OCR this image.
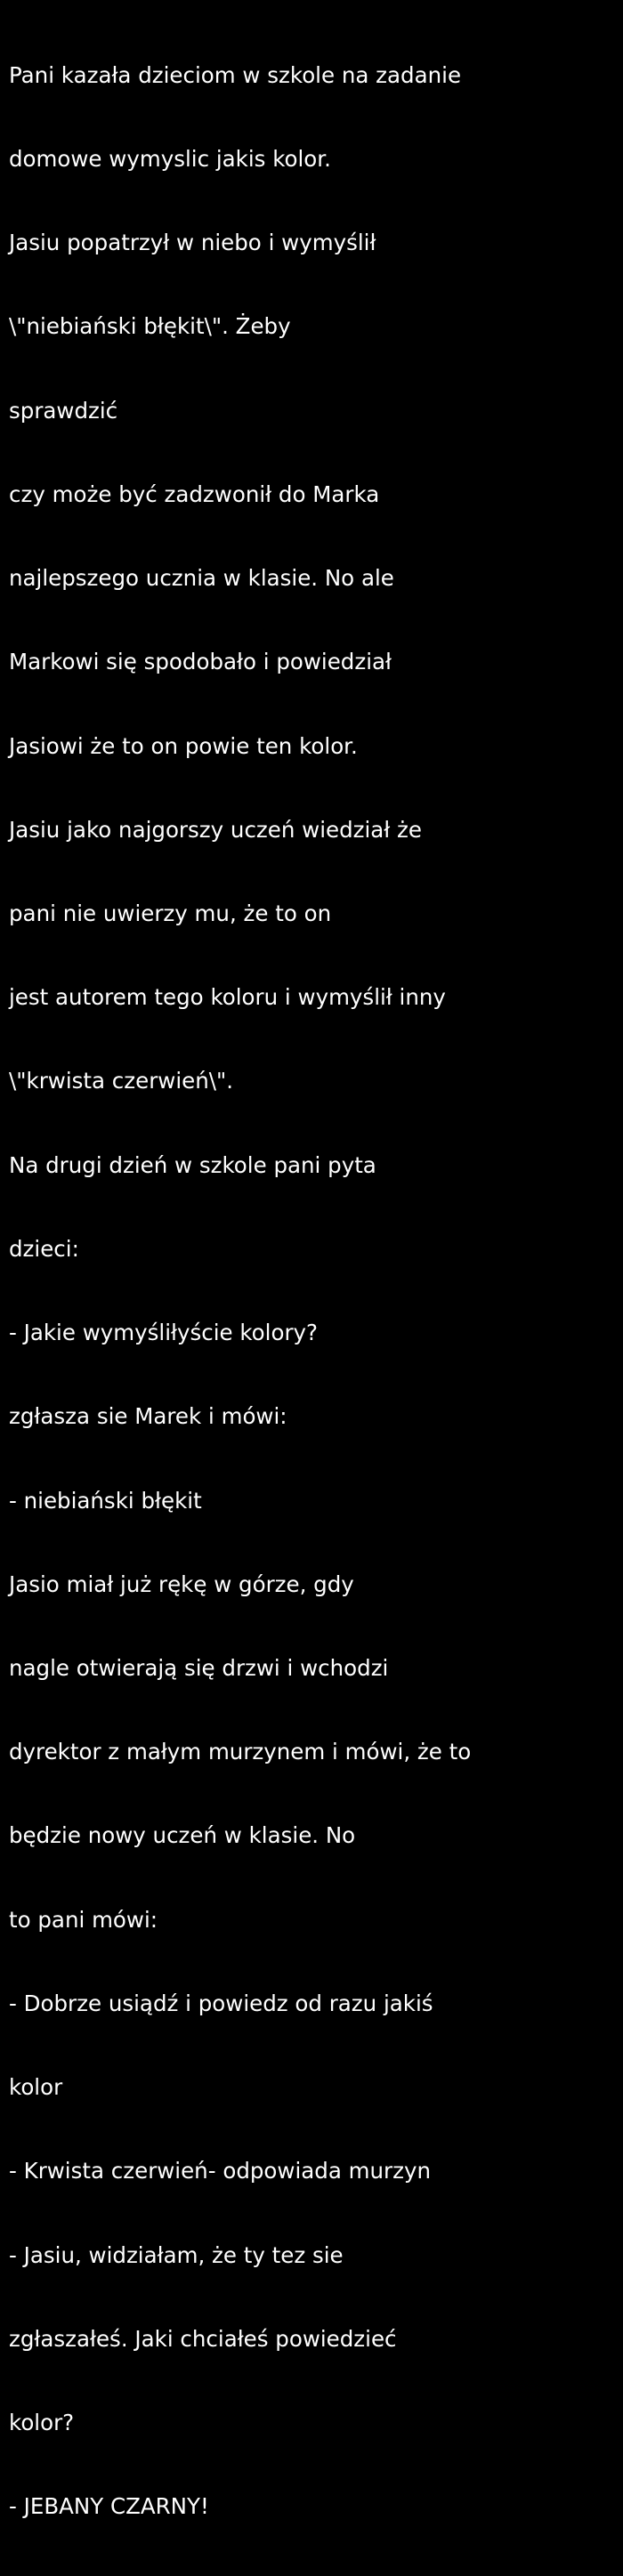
Pani kazała dzieciom w szkole na zadanie

domowe wymyslic jakis kolor.

Jasiu popatrzył w niebo i wymyślił

\"niebiański błękit\". Żeby

sprawdzić

czy może być zadzwonił do Marka

najlepszego ucznia w klasie. No ale

Markowi się spodobało i powiedział

Jasiowi że to on powie ten kolor.

Jasiu jako najgorszy uczeń wiedział że

pani nie uwierzy mu, że to on

jest autorem tego koloru i wymyślił inny

\"krwista czerwień\".

Na drugi dzień w szkole pani pyta

dzieci:

- Jakie wymyśliłyście kolory?

zgłasza sie Marek i mówi:

- niebiański błękit

Jasio miał już rękę w górze, gdy

nagle otwierają się drzwi i wchodzi

dyrektor z małym murzynem i mówi, że to

będzie nowy uczeń w klasie. No

to pani mówi:

- Dobrze usiądź i powiedz od razu jakiś

kolor

- Krwista czerwień- odpowiada murzyn

- Jasiu, widziałam, że ty tez sie

zgłaszałeś. Jaki chciałeś powiedzieć

kolor?

- JEBANY CZARNY!
